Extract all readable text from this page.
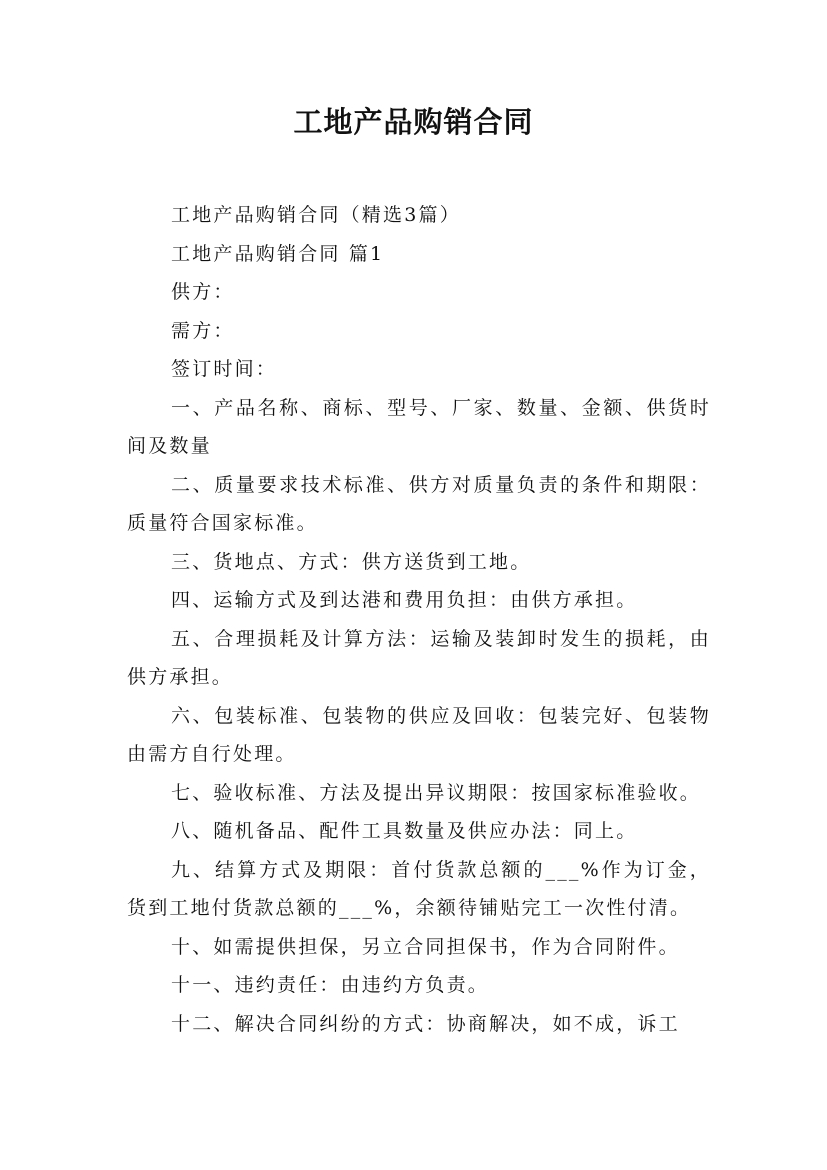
工地产品购销合同

工地产品购销合同（精选3篇）

工地产品购销合同 篇1

供方：

需方：

签订时间：

一、产品名称、商标、型号、厂家、数量、金额、供货时间及数量

二、质量要求技术标准、供方对质量负责的条件和期限：质量符合国家标准。

三、货地点、方式：供方送货到工地。

四、运输方式及到达港和费用负担：由供方承担。

五、合理损耗及计算方法：运输及装卸时发生的损耗，由供方承担。

六、包装标准、包装物的供应及回收：包装完好、包装物由需方自行处理。

七、验收标准、方法及提出异议期限：按国家标准验收。

八、随机备品、配件工具数量及供应办法：同上。

九、结算方式及期限：首付货款总额的___%作为订金，货到工地付货款总额的___%，余额待铺贴完工一次性付清。

十、如需提供担保，另立合同担保书，作为合同附件。

十一、违约责任：由违约方负责。

十二、解决合同纠纷的方式：协商解决，如不成，诉工
